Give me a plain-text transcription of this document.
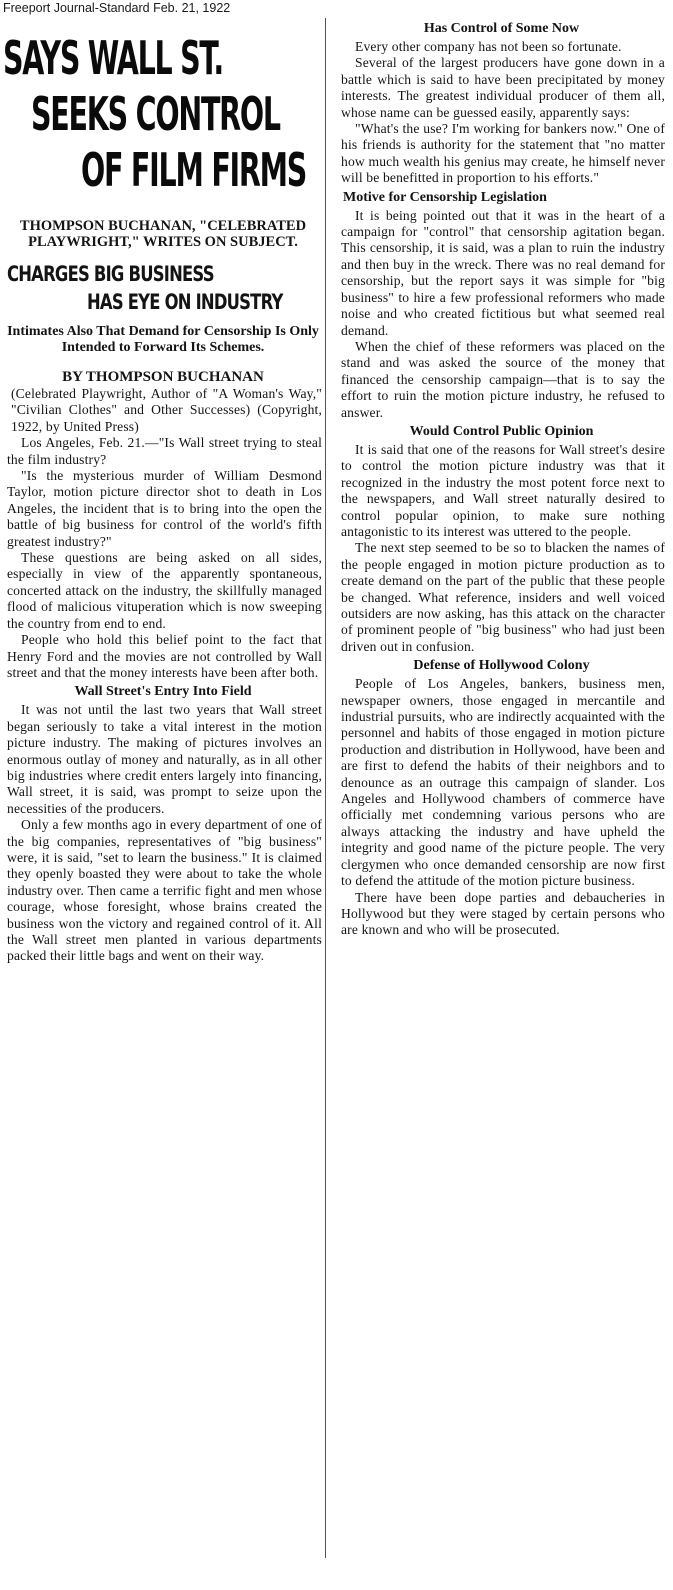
Freeport Journal-Standard Feb. 21, 1922
SAYS WALL ST.
SEEKS CONTROL
OF FILM FIRMS
THOMPSON BUCHANAN, "CELEBRATED PLAYWRIGHT," WRITES ON SUBJECT.
CHARGES BIG BUSINESS
HAS EYE ON INDUSTRY
Intimates Also That Demand for Censorship Is Only Intended to Forward Its Schemes.
BY THOMPSON BUCHANAN

(Celebrated Playwright, Author of "A Woman's Way," "Civilian Clothes" and Other Successes) (Copyright, 1922, by United Press)

Los Angeles, Feb. 21.—"Is Wall street trying to steal the film industry?

"Is the mysterious murder of William Desmond Taylor, motion picture director shot to death in Los Angeles, the incident that is to bring into the open the battle of big business for control of the world's fifth greatest industry?"

These questions are being asked on all sides, especially in view of the apparently spontaneous, concerted attack on the industry, the skillfully managed flood of malicious vituperation which is now sweeping the country from end to end.

People who hold this belief point to the fact that Henry Ford and the movies are not controlled by Wall street and that the money interests have been after both.

Wall Street's Entry Into Field

It was not until the last two years that Wall street began seriously to take a vital interest in the motion picture industry. The making of pictures involves an enormous outlay of money and naturally, as in all other big industries where credit enters largely into financing, Wall street, it is said, was prompt to seize upon the necessities of the producers.

Only a few months ago in every department of one of the big companies, representatives of "big business" were, it is said, "set to learn the business." It is claimed they openly boasted they were about to take the whole industry over. Then came a terrific fight and men whose courage, whose foresight, whose brains created the business won the victory and regained control of it. All the Wall street men planted in various departments packed their little bags and went on their way.

Has Control of Some Now

Every other company has not been so fortunate.

Several of the largest producers have gone down in a battle which is said to have been precipitated by money interests. The greatest individual producer of them all, whose name can be guessed easily, apparently says:

"What's the use? I'm working for bankers now." One of his friends is authority for the statement that "no matter how much wealth his genius may create, he himself never will be benefitted in proportion to his efforts."

Motive for Censorship Legislation

It is being pointed out that it was in the heart of a campaign for "control" that censorship agitation began. This censorship, it is said, was a plan to ruin the industry and then buy in the wreck. There was no real demand for censorship, but the report says it was simple for "big business" to hire a few professional reformers who made noise and who created fictitious but what seemed real demand.

When the chief of these reformers was placed on the stand and was asked the source of the money that financed the censorship campaign—that is to say the effort to ruin the motion picture industry, he refused to answer.

Would Control Public Opinion

It is said that one of the reasons for Wall street's desire to control the motion picture industry was that it recognized in the industry the most potent force next to the newspapers, and Wall street naturally desired to control popular opinion, to make sure nothing antagonistic to its interest was uttered to the people.

The next step seemed to be so to blacken the names of the people engaged in motion picture production as to create demand on the part of the public that these people be changed. What reference, insiders and well voiced outsiders are now asking, has this attack on the character of prominent people of "big business" who had just been driven out in confusion.

Defense of Hollywood Colony

People of Los Angeles, bankers, business men, newspaper owners, those engaged in mercantile and industrial pursuits, who are indirectly acquainted with the personnel and habits of those engaged in motion picture production and distribution in Hollywood, have been and are first to defend the habits of their neighbors and to denounce as an outrage this campaign of slander. Los Angeles and Hollywood chambers of commerce have officially met condemning various persons who are always attacking the industry and have upheld the integrity and good name of the picture people. The very clergymen who once demanded censorship are now first to defend the attitude of the motion picture business.

There have been dope parties and debaucheries in Hollywood but they were staged by certain persons who are known and who will be prosecuted.
